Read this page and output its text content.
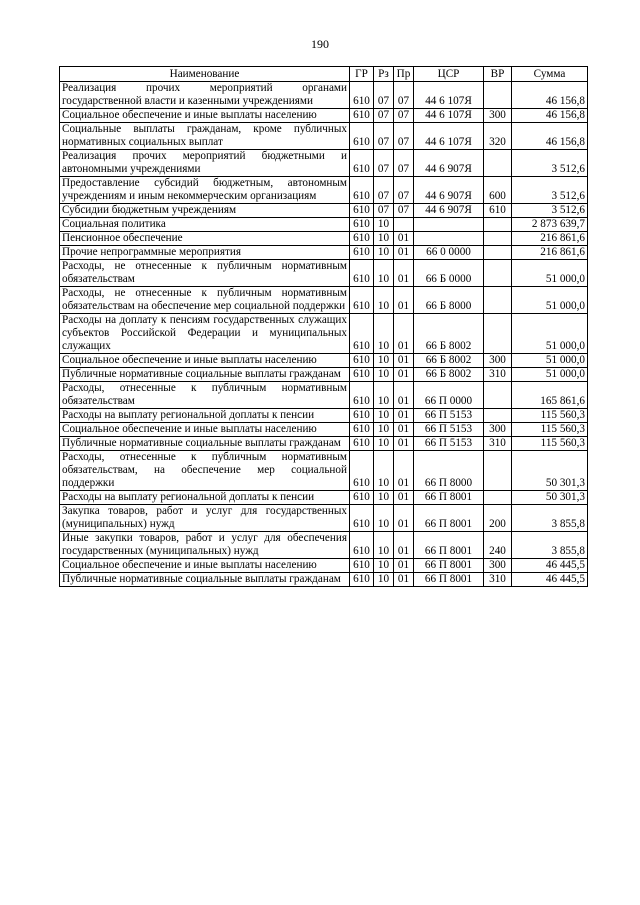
190
Наименование	ГР	Рз	Пр	ЦСР	ВР	Сумма
Реализация прочих мероприятий органами государственной власти и казенными учреждениями	610	07	07	44 6 107Я		46 156,8
Социальное обеспечение и иные выплаты населению	610	07	07	44 6 107Я	300	46 156,8
Социальные выплаты гражданам, кроме публичных нормативных социальных выплат	610	07	07	44 6 107Я	320	46 156,8
Реализация прочих мероприятий бюджетными и автономными учреждениями	610	07	07	44 6 907Я		3 512,6
Предоставление субсидий бюджетным, автономным учреждениям и иным некоммерческим организациям	610	07	07	44 6 907Я	600	3 512,6
Субсидии бюджетным учреждениям	610	07	07	44 6 907Я	610	3 512,6
Социальная политика	610	10				2 873 639,7
Пенсионное обеспечение	610	10	01			216 861,6
Прочие непрограммные мероприятия	610	10	01	66 0 0000		216 861,6
Расходы, не отнесенные к публичным нормативным обязательствам	610	10	01	66 Б 0000		51 000,0
Расходы, не отнесенные к публичным нормативным обязательствам на обеспечение мер социальной поддержки	610	10	01	66 Б 8000		51 000,0
Расходы на доплату к пенсиям государственных служащих субъектов Российской Федерации и муниципальных служащих	610	10	01	66 Б 8002		51 000,0
Социальное обеспечение и иные выплаты населению	610	10	01	66 Б 8002	300	51 000,0
Публичные нормативные социальные выплаты гражданам	610	10	01	66 Б 8002	310	51 000,0
Расходы, отнесенные к публичным нормативным обязательствам	610	10	01	66 П 0000		165 861,6
Расходы на выплату региональной доплаты к пенсии	610	10	01	66 П 5153		115 560,3
Социальное обеспечение и иные выплаты населению	610	10	01	66 П 5153	300	115 560,3
Публичные нормативные социальные выплаты гражданам	610	10	01	66 П 5153	310	115 560,3
Расходы, отнесенные к публичным нормативным обязательствам, на обеспечение мер социальной поддержки	610	10	01	66 П 8000		50 301,3
Расходы на выплату региональной доплаты к пенсии	610	10	01	66 П 8001		50 301,3
Закупка товаров, работ и услуг для государственных (муниципальных) нужд	610	10	01	66 П 8001	200	3 855,8
Иные закупки товаров, работ и услуг для обеспечения государственных (муниципальных) нужд	610	10	01	66 П 8001	240	3 855,8
Социальное обеспечение и иные выплаты населению	610	10	01	66 П 8001	300	46 445,5
Публичные нормативные социальные выплаты гражданам	610	10	01	66 П 8001	310	46 445,5
